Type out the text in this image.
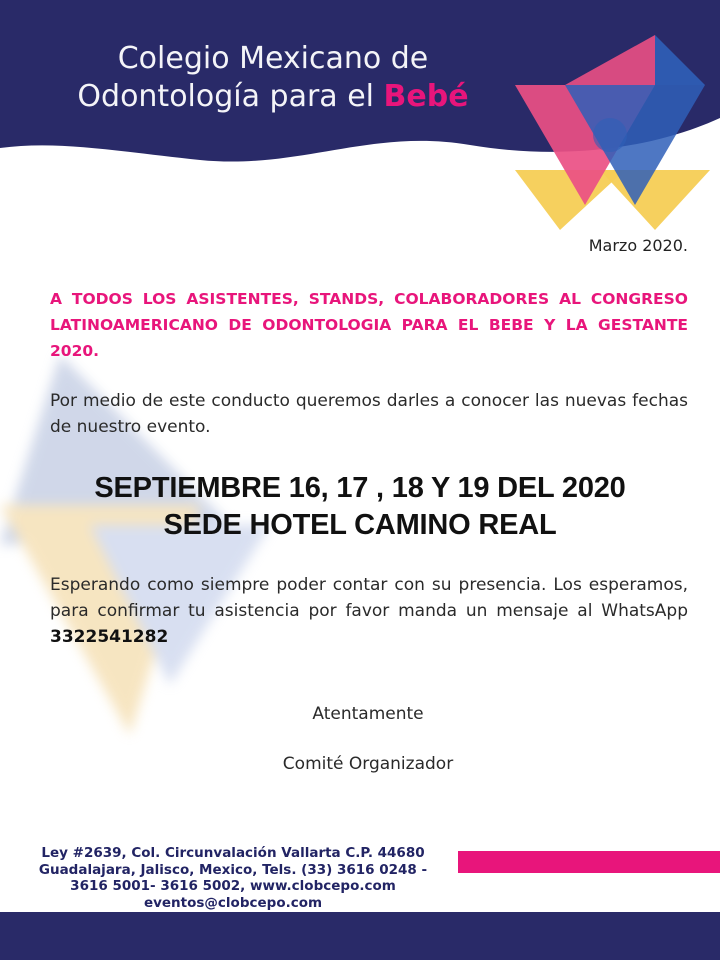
Colegio Mexicano de
Odontología para el Bebé
Marzo 2020.
A TODOS LOS ASISTENTES, STANDS, COLABORADORES AL CONGRESO LATINOAMERICANO DE ODONTOLOGIA PARA EL BEBE Y LA GESTANTE 2020.
Por medio de este conducto queremos darles a conocer las nuevas fechas de nuestro evento.
SEPTIEMBRE 16, 17 , 18 Y 19 DEL 2020
SEDE HOTEL CAMINO REAL
Esperando como siempre poder contar con su presencia. Los esperamos, para confirmar tu asistencia por favor manda un mensaje al WhatsApp 3322541282
Atentamente
Comité Organizador
Ley #2639, Col. Circunvalación Vallarta C.P. 44680
Guadalajara, Jalisco, Mexico, Tels. (33) 3616 0248 -
3616 5001- 3616 5002, www.clobcepo.com
eventos@clobcepo.com
